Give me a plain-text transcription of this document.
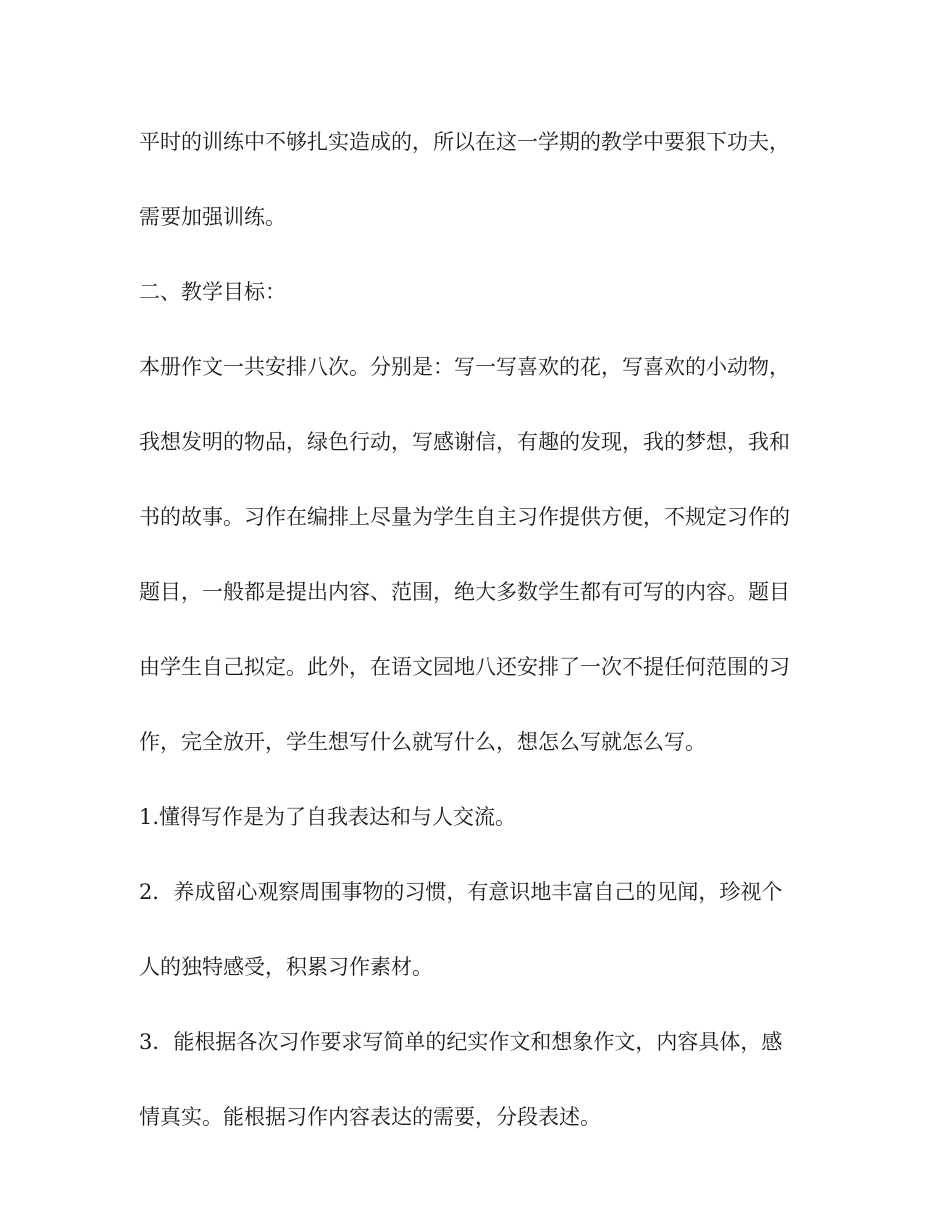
平时的训练中不够扎实造成的，所以在这一学期的教学中要狠下功夫，
需要加强训练。
二、教学目标：
本册作文一共安排八次。分别是：写一写喜欢的花，写喜欢的小动物，
我想发明的物品，绿色行动，写感谢信，有趣的发现，我的梦想，我和
书的故事。习作在编排上尽量为学生自主习作提供方便，不规定习作的
题目，一般都是提出内容、范围，绝大多数学生都有可写的内容。题目
由学生自己拟定。此外，在语文园地八还安排了一次不提任何范围的习
作，完全放开，学生想写什么就写什么，想怎么写就怎么写。
1.懂得写作是为了自我表达和与人交流。
2．养成留心观察周围事物的习惯，有意识地丰富自己的见闻，珍视个
人的独特感受，积累习作素材。
3．能根据各次习作要求写简单的纪实作文和想象作文，内容具体，感
情真实。能根据习作内容表达的需要，分段表述。
